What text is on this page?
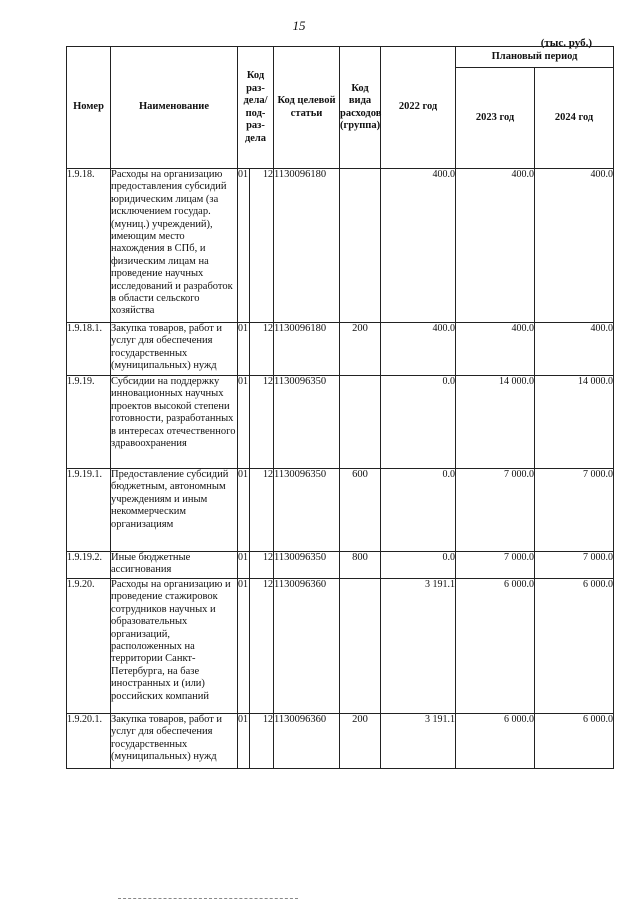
15
(тыс. руб.)
Номер	Наименование	Код раз-дела/ под-раз-дела		Код целевой статьи	Код вида расходов (группа)	2022 год	Плановый период	
							2023 год	2024 год
1.9.18.	Расходы на организацию предоставления субсидий юридическим лицам (за исключением государ. (муниц.) учреждений), имеющим место нахождения в СПб, и физическим лицам на проведение научных исследований и разработок в области сельского хозяйства	01	12	1130096180		400.0	400.0	400.0
1.9.18.1.	Закупка товаров, работ и услуг для обеспечения государственных (муниципальных) нужд	01	12	1130096180	200	400.0	400.0	400.0
1.9.19.	Субсидии на поддержку инновационных научных проектов высокой степени готовности, разработанных в интересах отечественного здравоохранения	01	12	1130096350		0.0	14 000.0	14 000.0
1.9.19.1.	Предоставление субсидий бюджетным, автономным учреждениям и иным некоммерческим организациям	01	12	1130096350	600	0.0	7 000.0	7 000.0
1.9.19.2.	Иные бюджетные ассигнования	01	12	1130096350	800	0.0	7 000.0	7 000.0
1.9.20.	Расходы на организацию и проведение стажировок сотрудников научных и образовательных организаций, расположенных на территории Санкт-Петербурга, на базе иностранных и (или) российских компаний	01	12	1130096360		3 191.1	6 000.0	6 000.0
1.9.20.1.	Закупка товаров, работ и услуг для обеспечения государственных (муниципальных) нужд	01	12	1130096360	200	3 191.1	6 000.0	6 000.0
